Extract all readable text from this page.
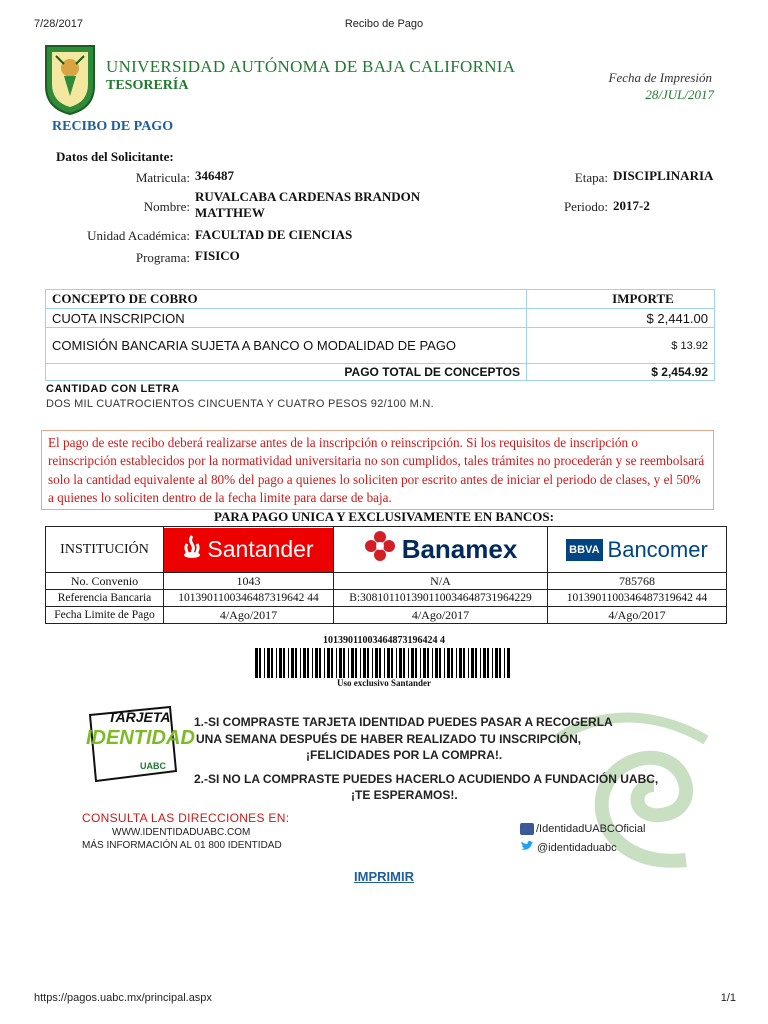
7/28/2017	Recibo de Pago
UNIVERSIDAD AUTÓNOMA DE BAJA CALIFORNIA
TESORERÍA
Fecha de Impresión
28/JUL/2017
RECIBO DE PAGO
Datos del Solicitante:
Matricula: 346487
Nombre:
RUVALCABA CARDENAS BRANDON MATTHEW
Unidad Académica: FACULTAD DE CIENCIAS
Programa: FISICO
Etapa: DISCIPLINARIA
Periodo: 2017-2
CONCEPTO DE COBRO	IMPORTE
CUOTA INSCRIPCION	$ 2,441.00
COMISIÓN BANCARIA SUJETA A BANCO O MODALIDAD DE PAGO	$ 13.92
PAGO TOTAL DE CONCEPTOS	$ 2,454.92
CANTIDAD CON LETRA
DOS MIL CUATROCIENTOS CINCUENTA Y CUATRO PESOS 92/100 M.N.
El pago de este recibo deberá realizarse antes de la inscripción o reinscripción. Si los requisitos de inscripción o reinscripción establecidos por la normatividad universitaria no son cumplidos, tales trámites no procederán y se reembolsará solo la cantidad equivalente al 80% del pago a quienes lo soliciten por escrito antes de iniciar el periodo de clases, y el 50% a quienes lo soliciten dentro de la fecha limite para darse de baja.
PARA PAGO UNICA Y EXCLUSIVAMENTE EN BANCOS:
INSTITUCIÓN	Santander	Banamex	BBVA Bancomer

No. Convenio	1043	N/A	785768
Referencia Bancaria	1013901100346487319642 44	B:308101101390110034648731964229	1013901100346487319642 44
Fecha Limite de Pago	4/Ago/2017	4/Ago/2017	4/Ago/2017
10139011003464873196424 4
Uso exclusivo Santander
TARJETA
IDENTIDAD
UABC
1.-SI COMPRASTE TARJETA IDENTIDAD PUEDES PASAR A RECOGERLA
UNA SEMANA DESPUÉS DE HABER REALIZADO TU INSCRIPCIÓN,
¡FELICIDADES POR LA COMPRA!.
2.-SI NO LA COMPRASTE PUEDES HACERLO ACUDIENDO A FUNDACIÓN UABC,
¡TE ESPERAMOS!.
CONSULTA LAS DIRECCIONES EN:
WWW.IDENTIDADUABC.COM
MÁS INFORMACIÓN AL 01 800 IDENTIDAD
/IdentidadUABCOficial
@identidaduabc
IMPRIMIR
https://pagos.uabc.mx/principal.aspx	1/1
